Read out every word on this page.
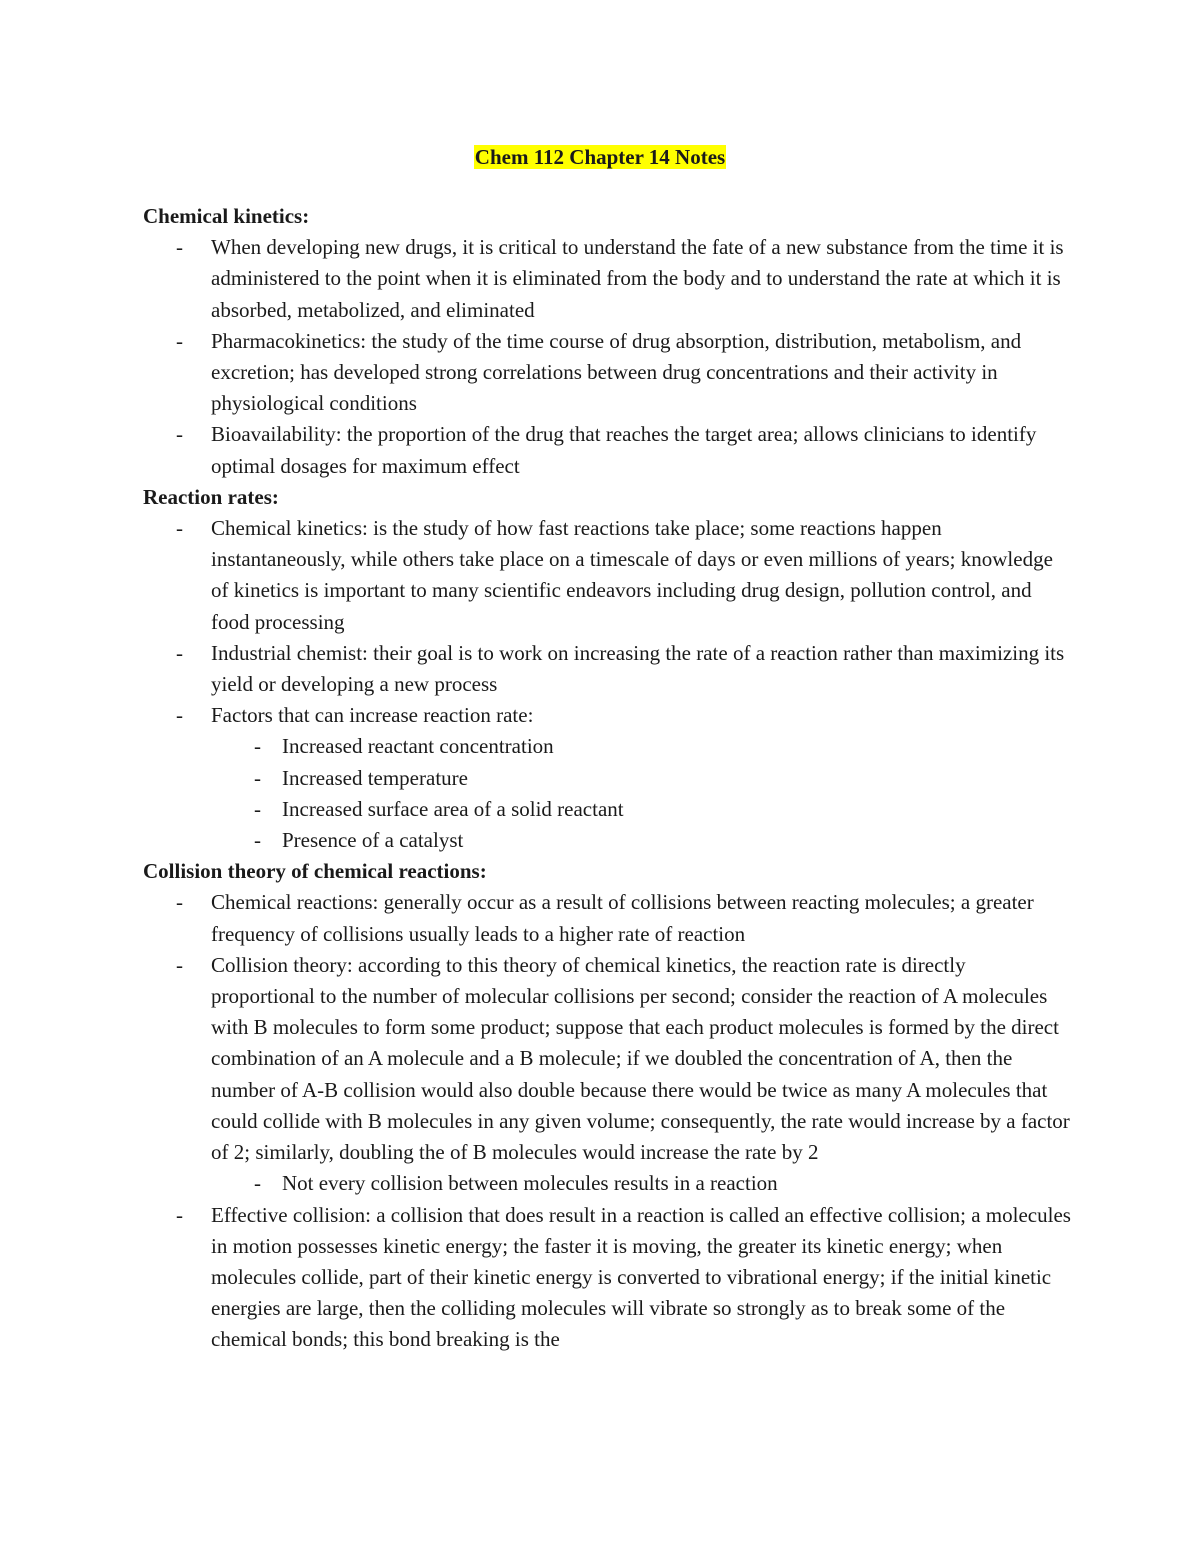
Chem 112 Chapter 14 Notes
Chemical kinetics:
-	When developing new drugs, it is critical to understand the fate of a new substance from the time it is administered to the point when it is eliminated from the body and to understand the rate at which it is absorbed, metabolized, and eliminated
-	Pharmacokinetics: the study of the time course of drug absorption, distribution, metabolism, and excretion; has developed strong correlations between drug concentrations and their activity in physiological conditions
-	Bioavailability: the proportion of the drug that reaches the target area; allows clinicians to identify optimal dosages for maximum effect
Reaction rates:
-	Chemical kinetics: is the study of how fast reactions take place; some reactions happen instantaneously, while others take place on a timescale of days or even millions of years; knowledge of kinetics is important to many scientific endeavors including drug design, pollution control, and food processing
-	Industrial chemist: their goal is to work on increasing the rate of a reaction rather than maximizing its yield or developing a new process
-	Factors that can increase reaction rate:
-	Increased reactant concentration
-	Increased temperature
-	Increased surface area of a solid reactant
-	Presence of a catalyst
Collision theory of chemical reactions:
-	Chemical reactions: generally occur as a result of collisions between reacting molecules; a greater frequency of collisions usually leads to a higher rate of reaction
-	Collision theory: according to this theory of chemical kinetics, the reaction rate is directly proportional to the number of molecular collisions per second; consider the reaction of A molecules with B molecules to form some product; suppose that each product molecules is formed by the direct combination of an A molecule and a B molecule; if we doubled the concentration of A, then the number of A-B collision would also double because there would be twice as many A molecules that could collide with B molecules in any given volume; consequently, the rate would increase by a factor of 2; similarly, doubling the of B molecules would increase the rate by 2
-	Not every collision between molecules results in a reaction
-	Effective collision: a collision that does result in a reaction is called an effective collision; a molecules in motion possesses kinetic energy; the faster it is moving, the greater its kinetic energy; when molecules collide, part of their kinetic energy is converted to vibrational energy; if the initial kinetic energies are large, then the colliding molecules will vibrate so strongly as to break some of the chemical bonds; this bond breaking is the
